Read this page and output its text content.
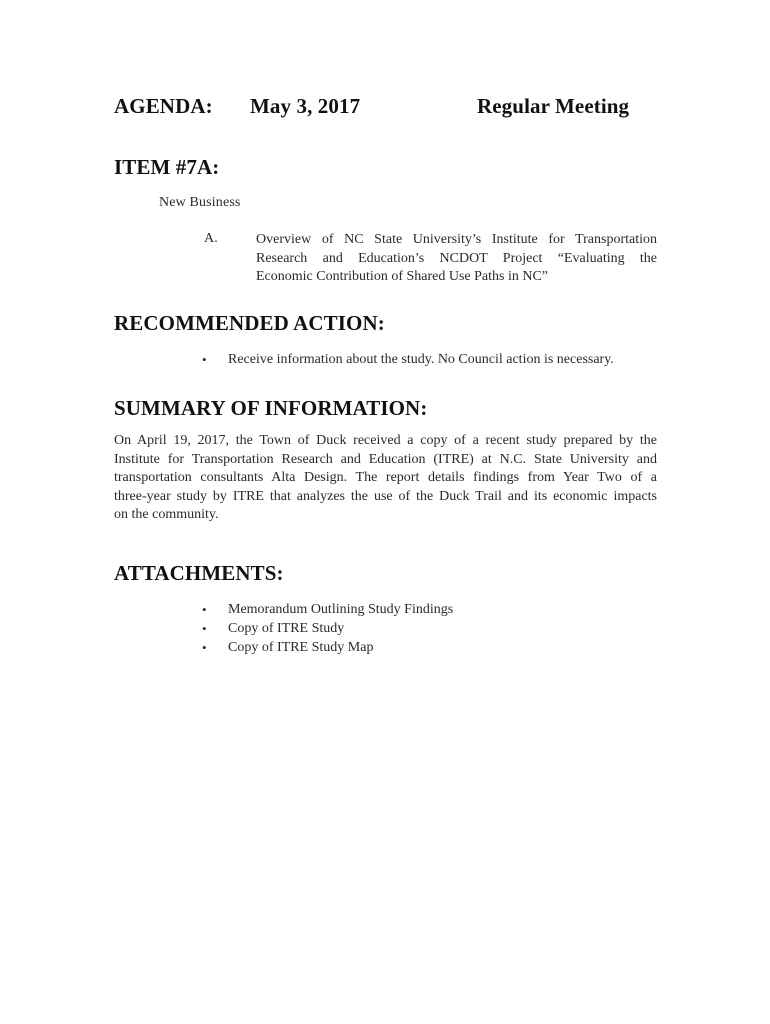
AGENDA: May 3, 2017	Regular Meeting
ITEM #7A:
New Business
A.	Overview of NC State University’s Institute for Transportation
Research and Education’s NCDOT Project “Evaluating the
Economic Contribution of Shared Use Paths in NC”
RECOMMENDED ACTION:
• Receive information about the study. No Council action is necessary.
SUMMARY OF INFORMATION:
On April 19, 2017, the Town of Duck received a copy of a recent study prepared by the
Institute for Transportation Research and Education (ITRE) at N.C. State University and
transportation consultants Alta Design. The report details findings from Year Two of a
three-year study by ITRE that analyzes the use of the Duck Trail and its economic impacts
on the community.
ATTACHMENTS:
• Memorandum Outlining Study Findings
• Copy of ITRE Study
• Copy of ITRE Study Map
